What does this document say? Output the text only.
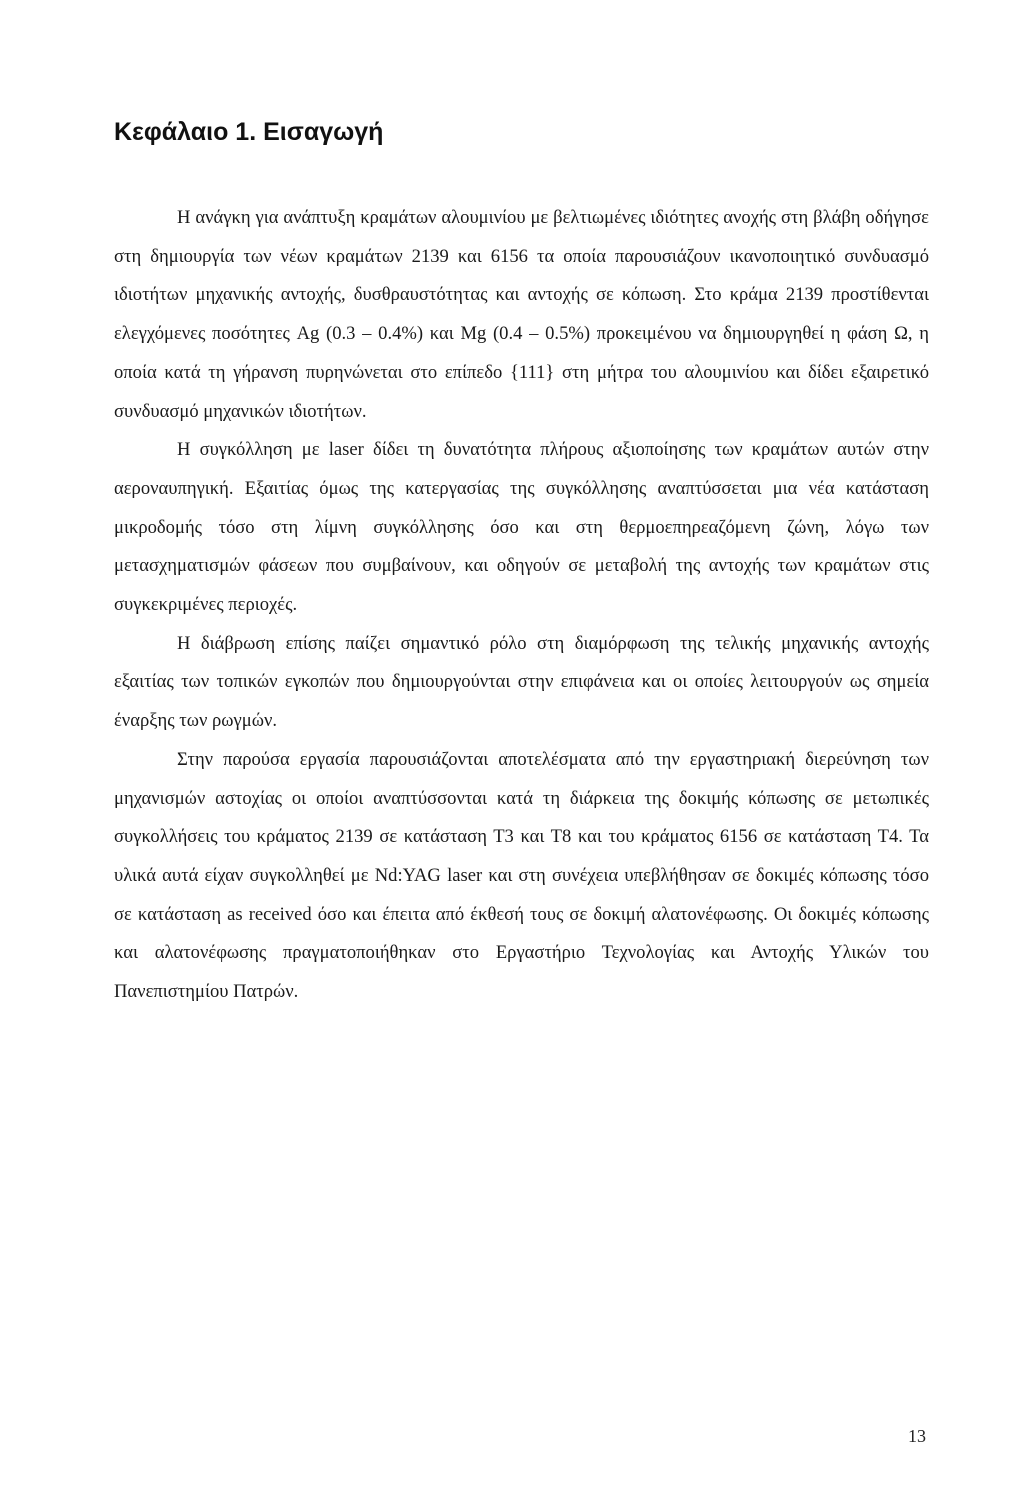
Κεφάλαιο 1. Εισαγωγή

Η ανάγκη για ανάπτυξη κραμάτων αλουμινίου με βελτιωμένες ιδιότητες ανοχής στη βλάβη οδήγησε στη δημιουργία των νέων κραμάτων 2139 και 6156 τα οποία παρουσιάζουν ικανοποιητικό συνδυασμό ιδιοτήτων μηχανικής αντοχής, δυσθραυστότητας και αντοχής σε κόπωση. Στο κράμα 2139 προστίθενται ελεγχόμενες ποσότητες Ag (0.3 – 0.4%) και Mg (0.4 – 0.5%) προκειμένου να δημιουργηθεί η φάση Ω, η οποία κατά τη γήρανση πυρηνώνεται στο επίπεδο {111} στη μήτρα του αλουμινίου και δίδει εξαιρετικό συνδυασμό μηχανικών ιδιοτήτων.

Η συγκόλληση με laser δίδει τη δυνατότητα πλήρους αξιοποίησης των κραμάτων αυτών στην αεροναυπηγική. Εξαιτίας όμως της κατεργασίας της συγκόλλησης αναπτύσσεται μια νέα κατάσταση μικροδομής τόσο στη λίμνη συγκόλλησης όσο και στη θερμοεπηρεαζόμενη ζώνη, λόγω των μετασχηματισμών φάσεων που συμβαίνουν, και οδηγούν σε μεταβολή της αντοχής των κραμάτων στις συγκεκριμένες περιοχές.

Η διάβρωση επίσης παίζει σημαντικό ρόλο στη διαμόρφωση της τελικής μηχανικής αντοχής εξαιτίας των τοπικών εγκοπών που δημιουργούνται στην επιφάνεια και οι οποίες λειτουργούν ως σημεία έναρξης των ρωγμών.

Στην παρούσα εργασία παρουσιάζονται αποτελέσματα από την εργαστηριακή διερεύνηση των μηχανισμών αστοχίας οι οποίοι αναπτύσσονται κατά τη διάρκεια της δοκιμής κόπωσης σε μετωπικές συγκολλήσεις του κράματος 2139 σε κατάσταση Τ3 και Τ8 και του κράματος 6156 σε κατάσταση Τ4. Τα υλικά αυτά είχαν συγκολληθεί με Nd:YAG laser και στη συνέχεια υπεβλήθησαν σε δοκιμές κόπωσης τόσο σε κατάσταση as received όσο και έπειτα από έκθεσή τους σε δοκιμή αλατονέφωσης. Οι δοκιμές κόπωσης και αλατονέφωσης πραγματοποιήθηκαν στο Εργαστήριο Τεχνολογίας και Αντοχής Υλικών του Πανεπιστημίου Πατρών.

13
